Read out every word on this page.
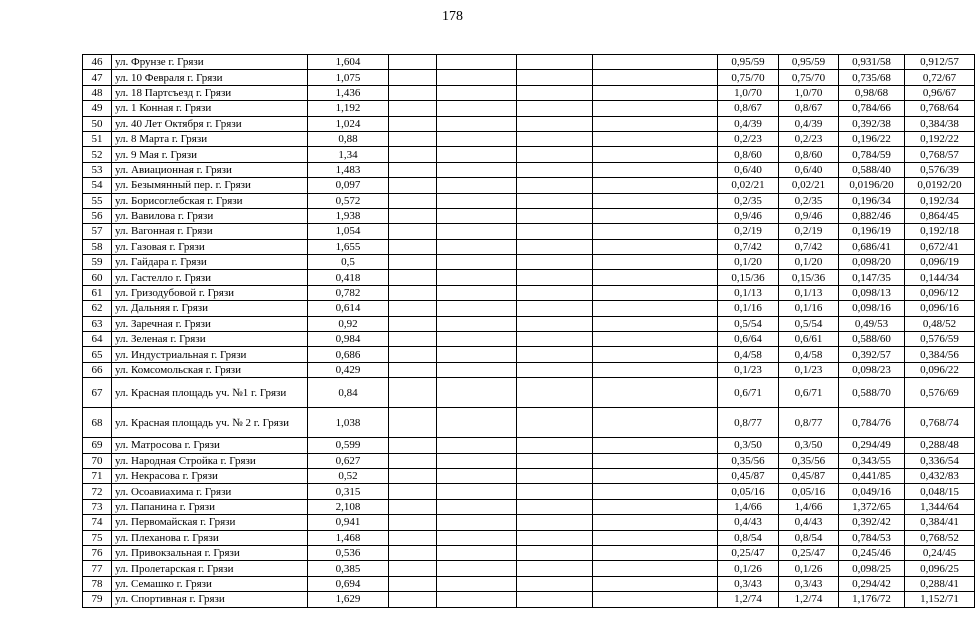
178
46	ул. Фрунзе г. Грязи	1,604					0,95/59	0,95/59	0,931/58	0,912/57
47	ул. 10 Февраля г. Грязи	1,075					0,75/70	0,75/70	0,735/68	0,72/67
48	ул. 18 Партсъезд г. Грязи	1,436					1,0/70	1,0/70	0,98/68	0,96/67
49	ул. 1 Конная г. Грязи	1,192					0,8/67	0,8/67	0,784/66	0,768/64
50	ул. 40 Лет Октября г. Грязи	1,024					0,4/39	0,4/39	0,392/38	0,384/38
51	ул. 8 Марта г. Грязи	0,88					0,2/23	0,2/23	0,196/22	0,192/22
52	ул. 9 Мая г. Грязи	1,34					0,8/60	0,8/60	0,784/59	0,768/57
53	ул. Авиационная г. Грязи	1,483					0,6/40	0,6/40	0,588/40	0,576/39
54	ул. Безымянный пер. г. Грязи	0,097					0,02/21	0,02/21	0,0196/20	0,0192/20
55	ул. Борисоглебская г. Грязи	0,572					0,2/35	0,2/35	0,196/34	0,192/34
56	ул. Вавилова г. Грязи	1,938					0,9/46	0,9/46	0,882/46	0,864/45
57	ул. Вагонная г. Грязи	1,054					0,2/19	0,2/19	0,196/19	0,192/18
58	ул. Газовая г. Грязи	1,655					0,7/42	0,7/42	0,686/41	0,672/41
59	ул. Гайдара г. Грязи	0,5					0,1/20	0,1/20	0,098/20	0,096/19
60	ул. Гастелло г. Грязи	0,418					0,15/36	0,15/36	0,147/35	0,144/34
61	ул. Гризодубовой г. Грязи	0,782					0,1/13	0,1/13	0,098/13	0,096/12
62	ул. Дальняя г. Грязи	0,614					0,1/16	0,1/16	0,098/16	0,096/16
63	ул. Заречная г. Грязи	0,92					0,5/54	0,5/54	0,49/53	0,48/52
64	ул. Зеленая г. Грязи	0,984					0,6/64	0,6/61	0,588/60	0,576/59
65	ул. Индустриальная г. Грязи	0,686					0,4/58	0,4/58	0,392/57	0,384/56
66	ул. Комсомольская г. Грязи	0,429					0,1/23	0,1/23	0,098/23	0,096/22
67	ул. Красная площадь уч. №1 г. Грязи	0,84					0,6/71	0,6/71	0,588/70	0,576/69
68	ул. Красная площадь уч. № 2 г. Грязи	1,038					0,8/77	0,8/77	0,784/76	0,768/74
69	ул. Матросова г. Грязи	0,599					0,3/50	0,3/50	0,294/49	0,288/48
70	ул. Народная Стройка г. Грязи	0,627					0,35/56	0,35/56	0,343/55	0,336/54
71	ул. Некрасова г. Грязи	0,52					0,45/87	0,45/87	0,441/85	0,432/83
72	ул. Осоавиахима г. Грязи	0,315					0,05/16	0,05/16	0,049/16	0,048/15
73	ул. Папанина г. Грязи	2,108					1,4/66	1,4/66	1,372/65	1,344/64
74	ул. Первомайская г. Грязи	0,941					0,4/43	0,4/43	0,392/42	0,384/41
75	ул. Плеханова г. Грязи	1,468					0,8/54	0,8/54	0,784/53	0,768/52
76	ул. Привокзальная г. Грязи	0,536					0,25/47	0,25/47	0,245/46	0,24/45
77	ул. Пролетарская г. Грязи	0,385					0,1/26	0,1/26	0,098/25	0,096/25
78	ул. Семашко г. Грязи	0,694					0,3/43	0,3/43	0,294/42	0,288/41
79	ул. Спортивная г. Грязи	1,629					1,2/74	1,2/74	1,176/72	1,152/71
